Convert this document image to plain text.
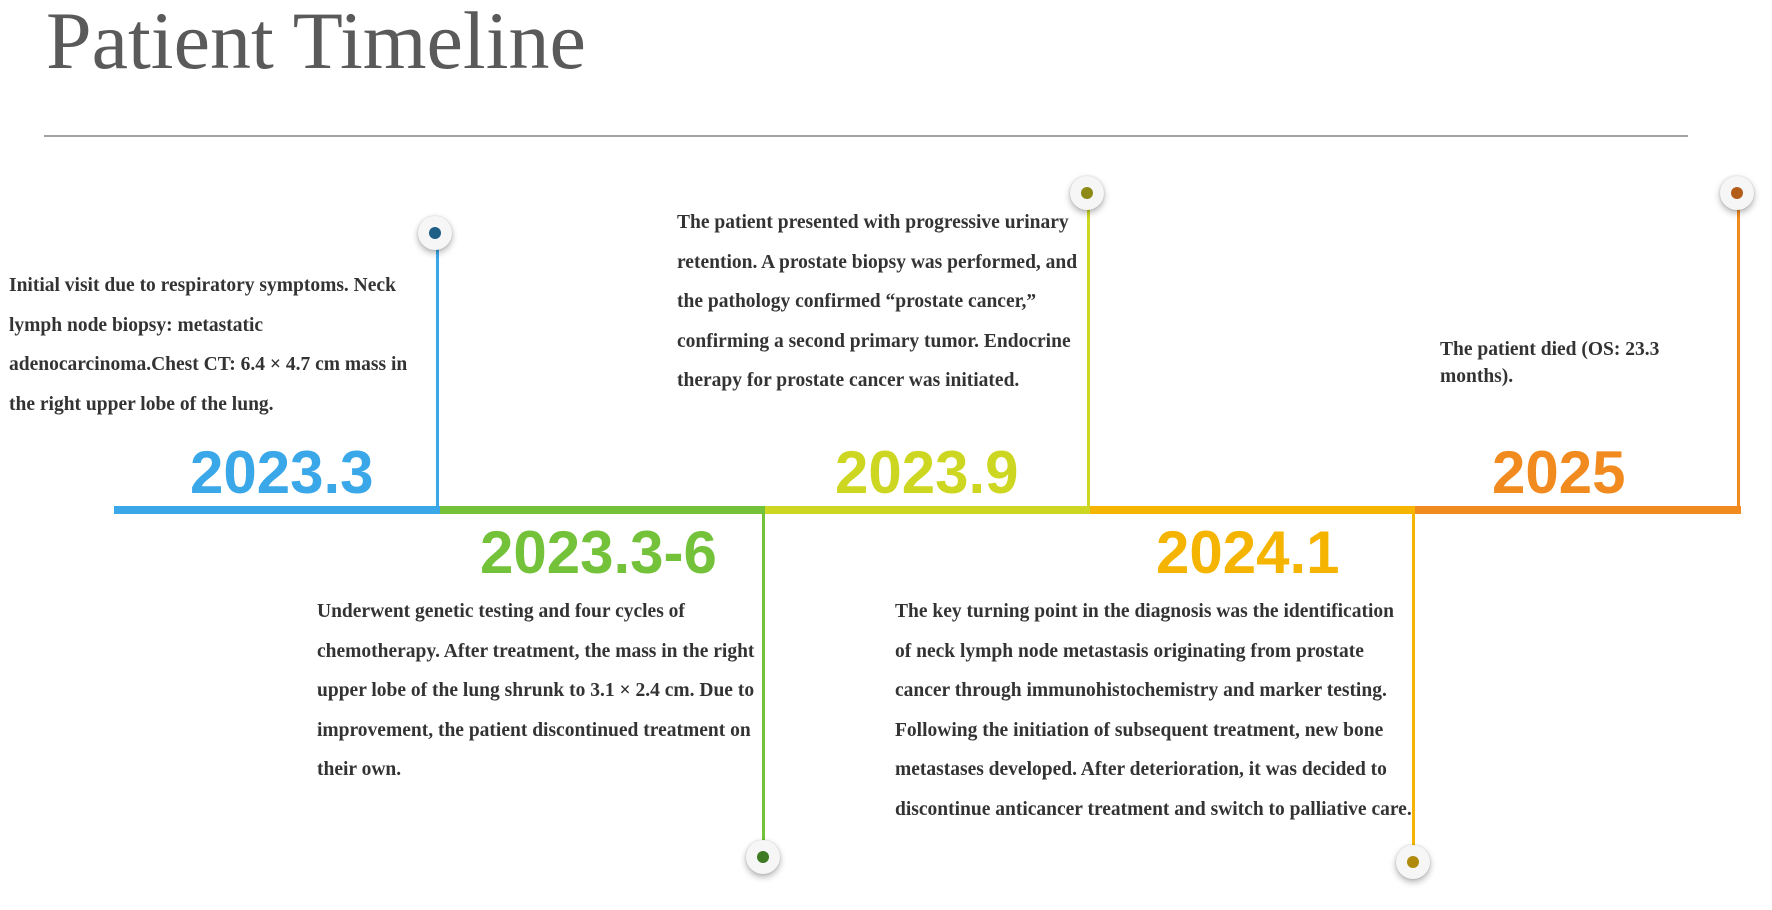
Patient Timeline
2023.3
2023.3-6
2023.9
2024.1
2025
Initial visit due to respiratory symptoms. Neck lymph node biopsy: metastatic adenocarcinoma.Chest CT: 6.4 × 4.7 cm mass in the right upper lobe of the lung.
Underwent genetic testing and four cycles of chemotherapy. After treatment, the mass in the right upper lobe of the lung shrunk to 3.1 × 2.4 cm. Due to improvement, the patient discontinued treatment on their own.
The patient presented with progressive urinary retention. A prostate biopsy was performed, and the pathology confirmed “prostate cancer,” confirming a second primary tumor. Endocrine therapy for prostate cancer was initiated.
The key turning point in the diagnosis was the identification of neck lymph node metastasis originating from prostate cancer through immunohistochemistry and marker testing. Following the initiation of subsequent treatment, new bone metastases developed. After deterioration, it was decided to discontinue anticancer treatment and switch to palliative care.
The patient died (OS: 23.3 months).
